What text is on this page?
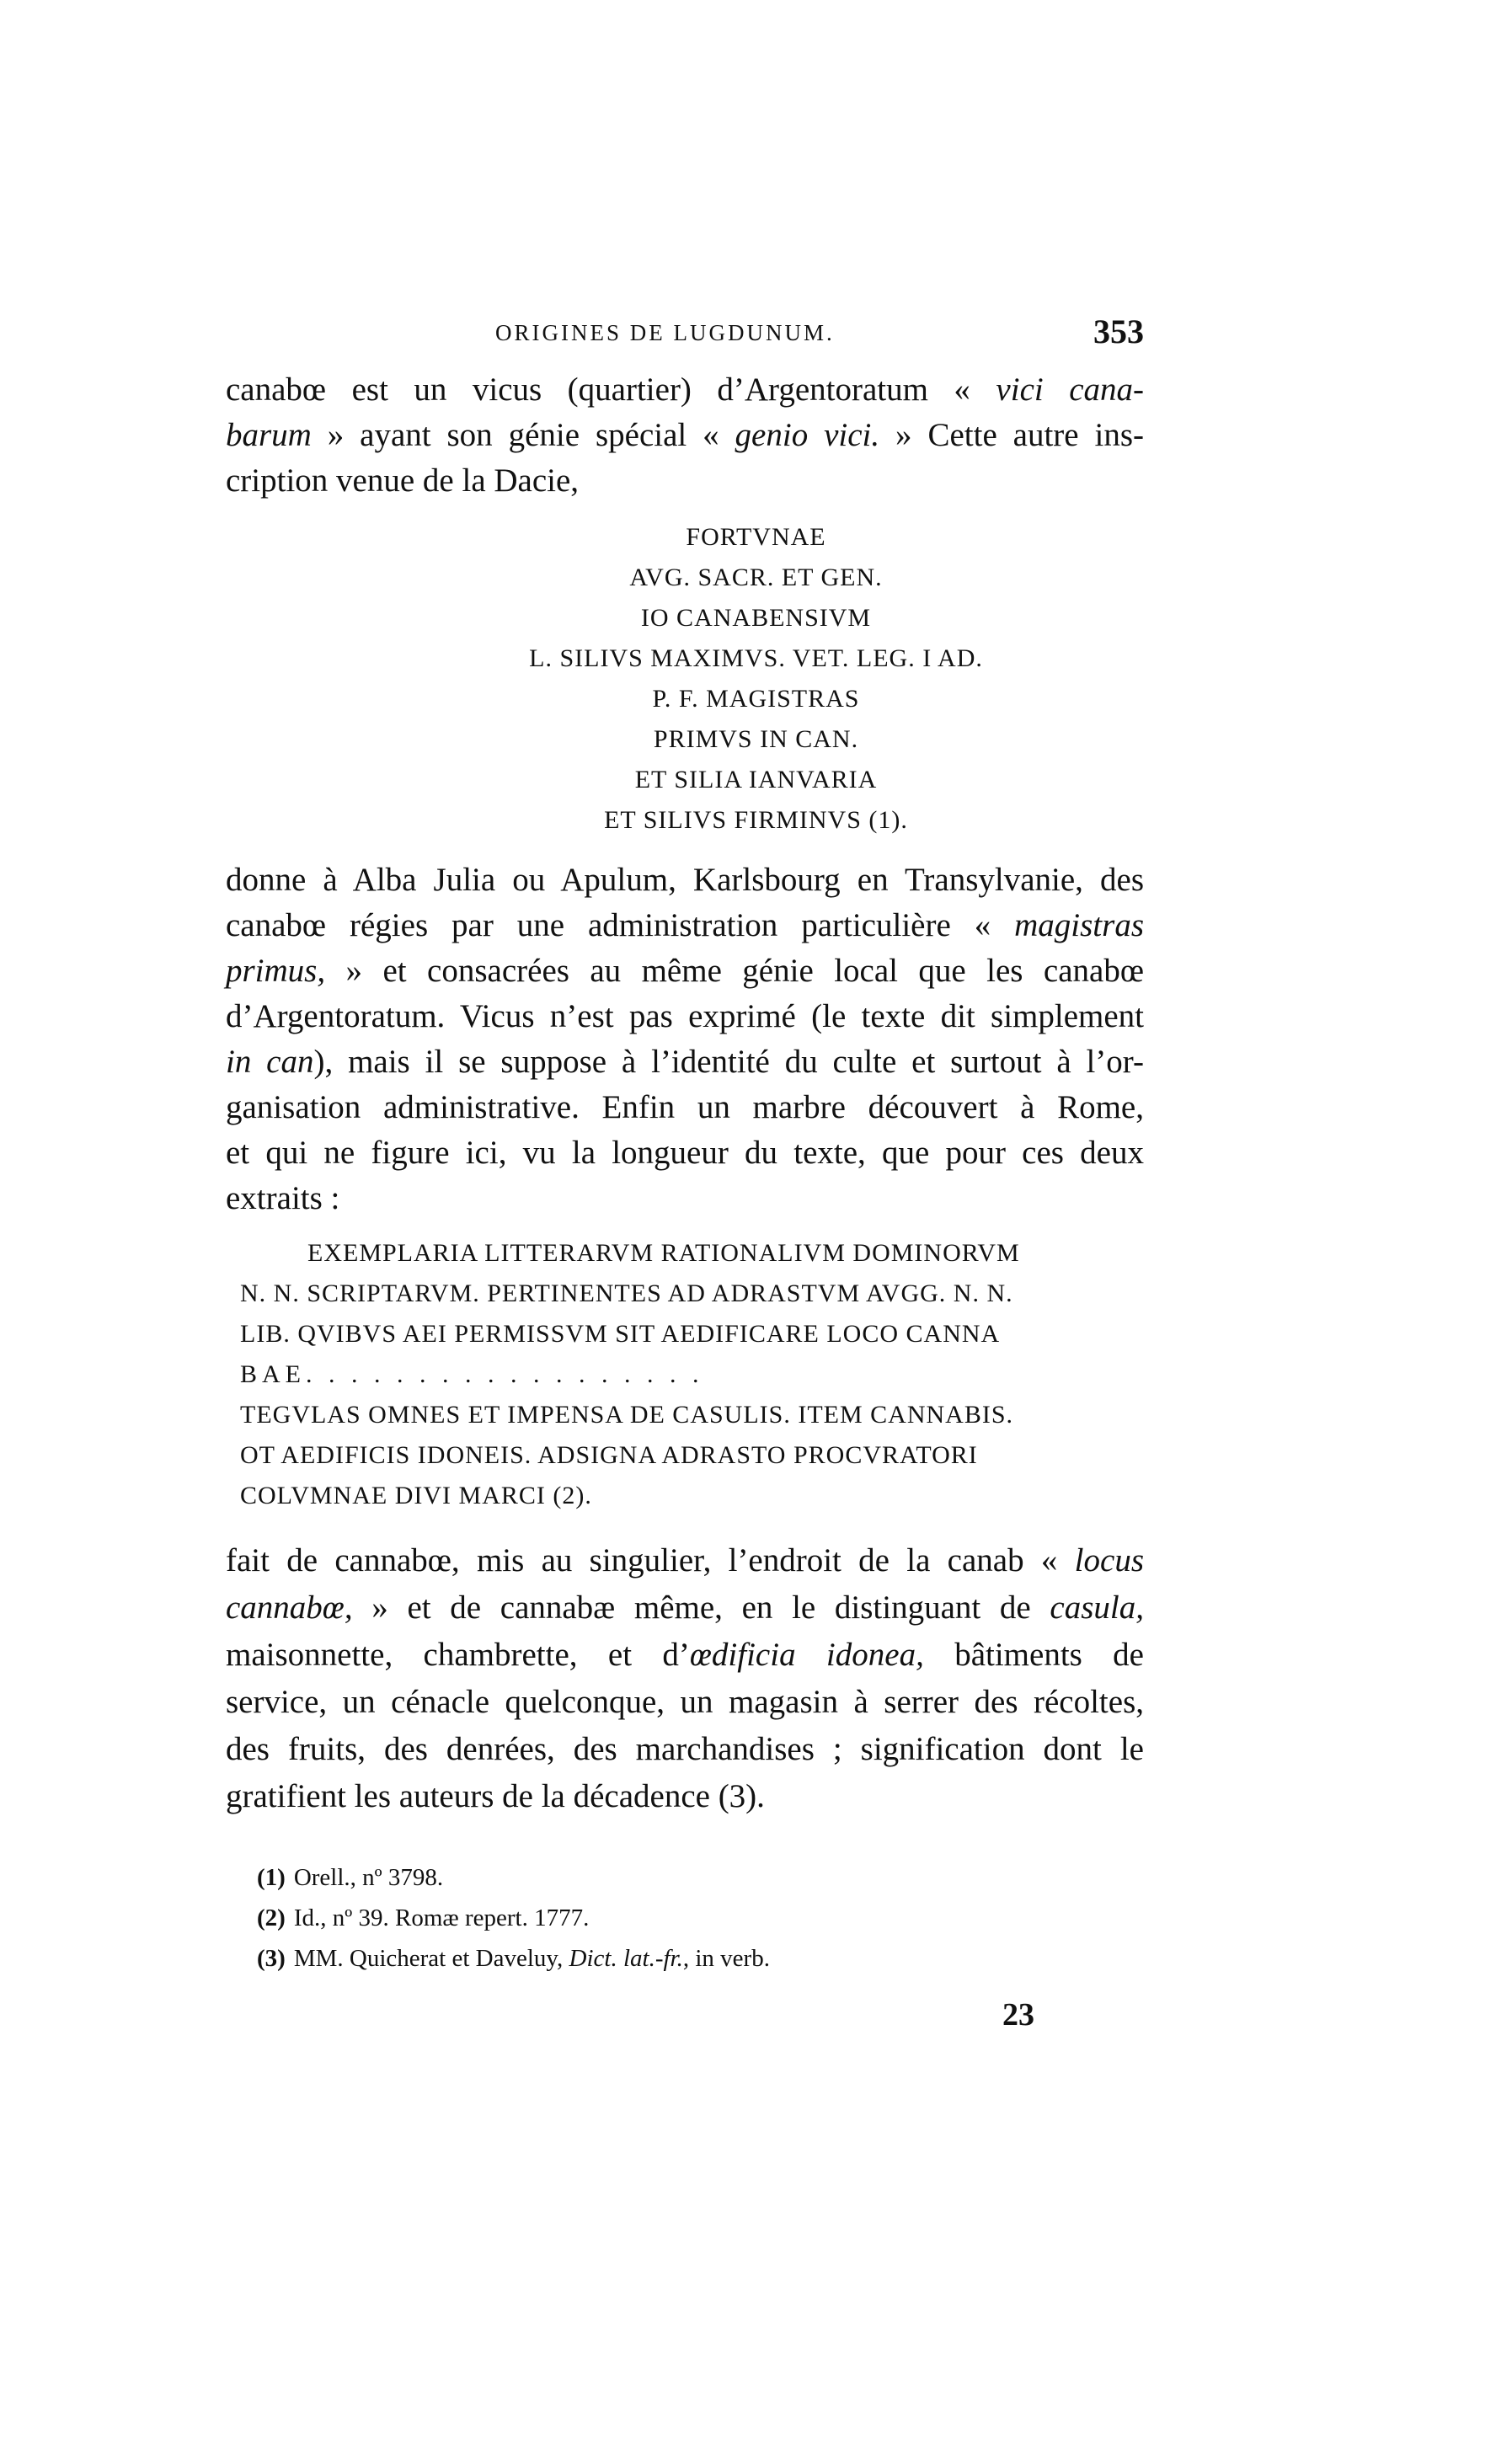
ORIGINES DE LUGDUNUM.	353
canabœ est un vicus (quartier) d’Argentoratum « vici cana-
barum » ayant son génie spécial « genio vici. » Cette autre ins-
cription venue de la Dacie,
FORTVNAE
AVG. SACR. ET GEN.
IO CANABENSIVM
L. SILIVS MAXIMVS. VET. LEG. I AD.
P. F. MAGISTRAS
PRIMVS IN CAN.
ET SILIA IANVARIA
ET SILIVS FIRMINVS (1).
donne à Alba Julia ou Apulum, Karlsbourg en Transylvanie, des
canabœ régies par une administration particulière « magistras
primus, » et consacrées au même génie local que les canabœ
d’Argentoratum. Vicus n’est pas exprimé (le texte dit simplement
in can), mais il se suppose à l’identité du culte et surtout à l’or-
ganisation administrative. Enfin un marbre découvert à Rome,
et qui ne figure ici, vu la longueur du texte, que pour ces deux
extraits :
EXEMPLARIA LITTERARVM RATIONALIVM DOMINORVM
N. N. SCRIPTARVM. PERTINENTES AD ADRASTVM AVGG. N. N.
LIB. QVIBVS AEI PERMISSVM SIT AEDIFICARE LOCO CANNA
BAE. . . . . . . . . . . . . . . . . .
TEGVLAS OMNES ET IMPENSA DE CASULIS. ITEM CANNABIS.
OT AEDIFICIS IDONEIS. ADSIGNA ADRASTO PROCVRATORI
COLVMNAE DIVI MARCI (2).
fait de cannabœ, mis au singulier, l’endroit de la canab « locus
cannabœ, » et de cannabæ même, en le distinguant de casula,
maisonnette, chambrette, et d’œdificia idonea, bâtiments de
service, un cénacle quelconque, un magasin à serrer des récoltes,
des fruits, des denrées, des marchandises ; signification dont le
gratifient les auteurs de la décadence (3).
(1) Orell., nº 3798.
(2) Id., nº 39. Romæ repert. 1777.
(3) MM. Quicherat et Daveluy, Dict. lat.-fr., in verb.
23
